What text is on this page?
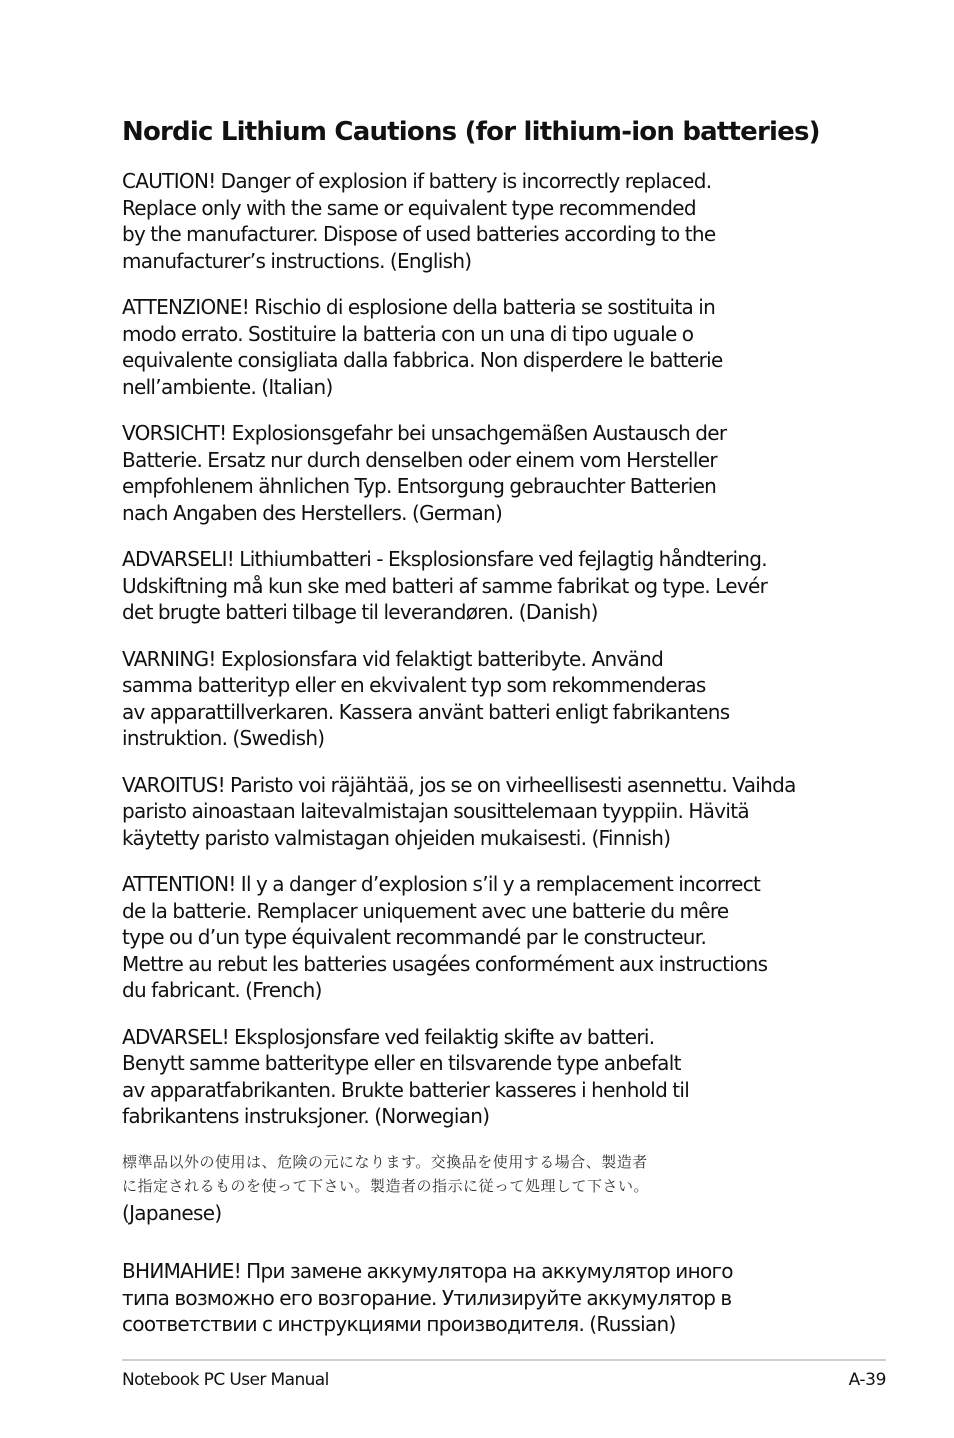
Nordic Lithium Cautions (for lithium-ion batteries)

CAUTION! Danger of explosion if battery is incorrectly replaced.
Replace only with the same or equivalent type recommended
by the manufacturer. Dispose of used batteries according to the
manufacturer’s instructions. (English)

ATTENZIONE! Rischio di esplosione della batteria se sostituita in
modo errato. Sostituire la batteria con un una di tipo uguale o
equivalente consigliata dalla fabbrica. Non disperdere le batterie
nell’ambiente. (Italian)

VORSICHT! Explosionsgefahr bei unsachgemäßen Austausch der
Batterie. Ersatz nur durch denselben oder einem vom Hersteller
empfohlenem ähnlichen Typ. Entsorgung gebrauchter Batterien
nach Angaben des Herstellers. (German)

ADVARSELI! Lithiumbatteri - Eksplosionsfare ved fejlagtig håndtering.
Udskiftning må kun ske med batteri af samme fabrikat og type. Levér
det brugte batteri tilbage til leverandøren. (Danish)

VARNING! Explosionsfara vid felaktigt batteribyte. Använd
samma batterityp eller en ekvivalent typ som rekommenderas
av apparattillverkaren. Kassera använt batteri enligt fabrikantens
instruktion. (Swedish)

VAROITUS! Paristo voi räjähtää, jos se on virheellisesti asennettu. Vaihda
paristo ainoastaan laitevalmistajan sousittelemaan tyyppiin. Hävitä
käytetty paristo valmistagan ohjeiden mukaisesti. (Finnish)

ATTENTION! Il y a danger d’explosion s’il y a remplacement incorrect
de la batterie. Remplacer uniquement avec une batterie du mêre
type ou d’un type équivalent recommandé par le constructeur.
Mettre au rebut les batteries usagées conformément aux instructions
du fabricant. (French)

ADVARSEL! Eksplosjonsfare ved feilaktig skifte av batteri.
Benytt samme batteritype eller en tilsvarende type anbefalt
av apparatfabrikanten. Brukte batterier kasseres i henhold til
fabrikantens instruksjoner. (Norwegian)

標準品以外の使用は、危険の元になります。交換品を使用する場合、製造者
に指定されるものを使って下さい。製造者の指示に従って処理して下さい。

(Japanese)

ВНИМАНИЕ! При замене аккумулятора на аккумулятор иного
типа возможно его возгорание. Утилизируйте аккумулятор в
соответствии с инструкциями производителя. (Russian)

Notebook PC User Manual	A-39
